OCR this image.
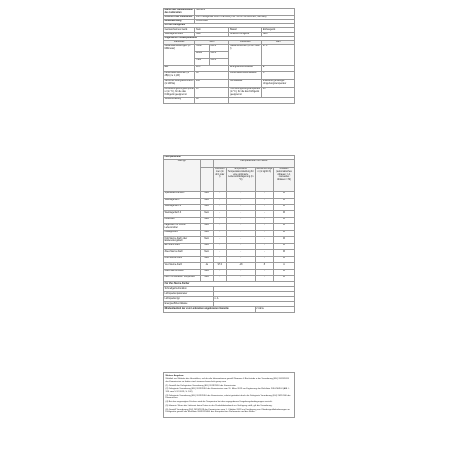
Name oder Handelsmarke des Lieferanten	Siemens			
Anschrift des Lieferanten	BSH Hausgeräte GmbH Carl-Wery-Str. 34 81739 München, Germany			
Modellkennung	GI11VAFE0			
Art des Kühlgeräts				
Geräuscharmes Gerät	Nein		Bauart	Einbaugerät
Weinlagerschrank	Nein		Anderes Kühlgerät	Nein
Allgemeine Produktparameter				
Parameter	Wert		Parameter	Wert
Gesamtabmessungen (in Millimeter)	Höhe	880.0	Gesamtvolumen (in dm³ oder l)	97.0
	Breite	560.0		
	Tiefe	550.0		
EEI	99.1		Energieeffizienzklasse	E
Luftschallemissionen (in dB(A) re 1 pW)	38		Luftschallemissionsklasse	C
Jährlicher Energieverbrauch (in kWh/a)	208		Klimaklasse	erweiterte gemäßigte Umgebungstemperatur
Mindestumgebungstemperatur (in °C), für die das Kühlgerät geeignet ist	10		Höchstumgebungstemperatur (in °C), für die das Kühlgerät geeignet ist	43
Winterschaltung	Ja			
Fachparameter					
Fachtyp		Fachparameter und -werte			
		Fachvolumen (in dm³ oder l)	Empfohlene Temperatureinstellung für eine optimierte Lebensmittellagerung (in °C)	Gefriervermögen (in kg/24 h)	Abtauart (automatisches Abtauen = A, manuelles Abtauen = M)
Speisekammerfach	Nein	-	-	-	M
Weinlagerfach	Nein	-	-	-	M
Weinlagerfach 2	Nein	-	-	-	M
Weinlagerfach 3	Nein	-	-	-	M
Kellerfach	Nein	-	-	-	M
Lagerfach für frische Lebensmittel	Nein	-	-	-	M
Kaltlagerfach	Nein	-	-	-	M
Null-Sterne-Fach oder Eisbereitungsfach	Nein	-	-	-	M
Ein-Stern-Fach	Nein	-	-	-	M
Zwei-Sterne-Fach	Nein	-	-	-	M
Drei-Sterne-Fach	Nein	-	-	-	M
Vier-Sterne-Fach	Ja	97.0	-18	8	A
Zwei-Sterne-Abteil	Nein	-	-	-	M
Fach mit variabler Temperatur	Nein	-	-	-	M
Für Vier-Sterne-Fächer					
Schnellgefrierfunktion					
Lichtquellenparameter					
Lichtquellentyp		n. A.			
Energieeffizienzklasse					
Mindestlaufzeit der vom Lieferanten angebotenen Garantie				2 Jahre	

Weitere Angaben:

Weblink zur Website des Herstellers, auf der die Informationen gemäß Nummer 4 Buchstabe a der Verordnung (EU) 2019/2019 der Kommission zu finden sind: siemens-home.bsh-group.com

(1) Gemäß der Delegierten Verordnung (EU) 2019/2016 der Kommission

(2) Delegierte Verordnung (EU) 2019/2016 der Kommission vom 11. März 2019 zur Ergänzung der Richtlinie 2010/30/EU (ABl. L 315 vom 5.12.2019, S. 102)

(3) Delegierte Verordnung (EU) 2019/2016 der Kommission, zuletzt geändert durch die Delegierte Verordnung (EU) 2021/340 der Kommission.

(4) Bei den angezeigten Fächern wird die Temperatur bei den angegebenen Umgebungsbedingungen erreicht.

(5) Hinweis: Wenn der Lieferant keine Daten in der Produktdatenbank zur Verfügung stellt, gilt die Verordnung.

(6) Gemäß Verordnung (EU) 2019/2019 der Kommission vom 1. Oktober 2019 zur Festlegung von Ökodesign-Anforderungen an Kühlgeräte gemäß der Richtlinie 2009/125/EG des Europäischen Parlaments und des Rates.
